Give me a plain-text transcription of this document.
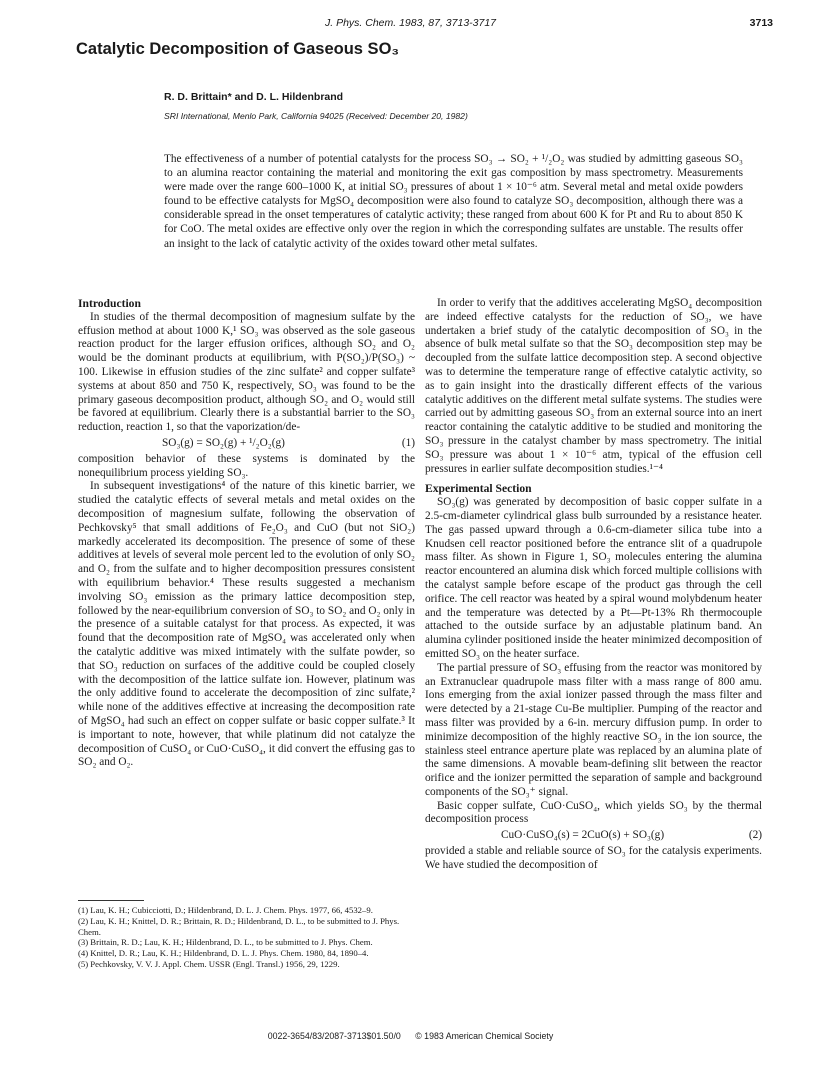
J. Phys. Chem. 1983, 87, 3713-3717	3713
Catalytic Decomposition of Gaseous SO₃
R. D. Brittain* and D. L. Hildenbrand
SRI International, Menlo Park, California 94025 (Received: December 20, 1982)
The effectiveness of a number of potential catalysts for the process SO₃ → SO₂ + ¹/₂O₂ was studied by admitting gaseous SO₃ to an alumina reactor containing the material and monitoring the exit gas composition by mass spectrometry. Measurements were made over the range 600–1000 K, at initial SO₃ pressures of about 1 × 10⁻⁶ atm. Several metal and metal oxide powders found to be effective catalysts for MgSO₄ decomposition were also found to catalyze SO₃ decomposition, although there was a considerable spread in the onset temperatures of catalytic activity; these ranged from about 600 K for Pt and Ru to about 850 K for CoO. The metal oxides are effective only over the region in which the corresponding sulfates are unstable. The results offer an insight to the lack of catalytic activity of the oxides toward other metal sulfates.
Introduction

In studies of the thermal decomposition of magnesium sulfate by the effusion method at about 1000 K,¹ SO₃ was observed as the sole gaseous reaction product for the larger effusion orifices, although SO₂ and O₂ would be the dominant products at equilibrium, with P(SO₂)/P(SO₃) ~ 100. Likewise in effusion studies of the zinc sulfate² and copper sulfate³ systems at about 850 and 750 K, respectively, SO₃ was found to be the primary gaseous decomposition product, although SO₂ and O₂ would still be favored at equilibrium. Clearly there is a substantial barrier to the SO₃ reduction, reaction 1, so that the vaporization/de-

SO₃(g) = SO₂(g) + ¹/₂O₂(g)	(1)

composition behavior of these systems is dominated by the nonequilibrium process yielding SO₃.

In subsequent investigations⁴ of the nature of this kinetic barrier, we studied the catalytic effects of several metals and metal oxides on the decomposition of magnesium sulfate, following the observation of Pechkovsky⁵ that small additions of Fe₂O₃ and CuO (but not SiO₂) markedly accelerated its decomposition. The presence of some of these additives at levels of several mole percent led to the evolution of only SO₂ and O₂ from the sulfate and to higher decomposition pressures consistent with equilibrium behavior.⁴ These results suggested a mechanism involving SO₃ emission as the primary lattice decomposition step, followed by the near-equilibrium conversion of SO₃ to SO₂ and O₂ only in the presence of a suitable catalyst for that process. As expected, it was found that the decomposition rate of MgSO₄ was accelerated only when the catalytic additive was mixed intimately with the sulfate powder, so that SO₃ reduction on surfaces of the additive could be coupled closely with the decomposition of the lattice sulfate ion. However, platinum was the only additive found to accelerate the decomposition of zinc sulfate,² while none of the additives effective at increasing the decomposition rate of MgSO₄ had such an effect on copper sulfate or basic copper sulfate.³ It is important to note, however, that while platinum did not catalyze the decomposition of CuSO₄ or CuO·CuSO₄, it did convert the effusing gas to SO₂ and O₂.

(1) Lau, K. H.; Cubicciotti, D.; Hildenbrand, D. L. J. Chem. Phys. 1977, 66, 4532–9.
(2) Lau, K. H.; Knittel, D. R.; Brittain, R. D.; Hildenbrand, D. L., to be submitted to J. Phys. Chem.
(3) Brittain, R. D.; Lau, K. H.; Hildenbrand, D. L., to be submitted to J. Phys. Chem.
(4) Knittel, D. R.; Lau, K. H.; Hildenbrand, D. L. J. Phys. Chem. 1980, 84, 1890–4.
(5) Pechkovsky, V. V. J. Appl. Chem. USSR (Engl. Transl.) 1956, 29, 1229.

In order to verify that the additives accelerating MgSO₄ decomposition are indeed effective catalysts for the reduction of SO₃, we have undertaken a brief study of the catalytic decomposition of SO₃ in the absence of bulk metal sulfate so that the SO₃ decomposition step may be decoupled from the sulfate lattice decomposition step. A second objective was to determine the temperature range of effective catalytic activity, so as to gain insight into the drastically different effects of the various catalytic additives on the different metal sulfate systems. The studies were carried out by admitting gaseous SO₃ from an external source into an inert reactor containing the catalytic additive to be studied and monitoring the SO₃ pressure in the catalyst chamber by mass spectrometry. The initial SO₃ pressure was about 1 × 10⁻⁶ atm, typical of the effusion cell pressures in earlier sulfate decomposition studies.¹⁻⁴

Experimental Section

SO₃(g) was generated by decomposition of basic copper sulfate in a 2.5-cm-diameter cylindrical glass bulb surrounded by a resistance heater. The gas passed upward through a 0.6-cm-diameter silica tube into a Knudsen cell reactor positioned before the entrance slit of a quadrupole mass filter. As shown in Figure 1, SO₃ molecules entering the alumina reactor encountered an alumina disk which forced multiple collisions with the catalyst sample before escape of the product gas through the cell orifice. The cell reactor was heated by a spiral wound molybdenum heater and the temperature was detected by a Pt—Pt-13% Rh thermocouple attached to the outside surface by an adjustable platinum band. An alumina cylinder positioned inside the heater minimized decomposition of emitted SO₃ on the heater surface.

The partial pressure of SO₃ effusing from the reactor was monitored by an Extranuclear quadrupole mass filter with a mass range of 800 amu. Ions emerging from the axial ionizer passed through the mass filter and were detected by a 21-stage Cu-Be multiplier. Pumping of the reactor and mass filter was provided by a 6-in. mercury diffusion pump. In order to minimize decomposition of the highly reactive SO₃ in the ion source, the stainless steel entrance aperture plate was replaced by an alumina plate of the same dimensions. A movable beam-defining slit between the reactor orifice and the ionizer permitted the separation of sample and background components of the SO₃⁺ signal.

Basic copper sulfate, CuO·CuSO₄, which yields SO₃ by the thermal decomposition process

CuO·CuSO₄(s) = 2CuO(s) + SO₃(g)	(2)

provided a stable and reliable source of SO₃ for the catalysis experiments. We have studied the decomposition of

0022-3654/83/2087-3713$01.50/0 © 1983 American Chemical Society
